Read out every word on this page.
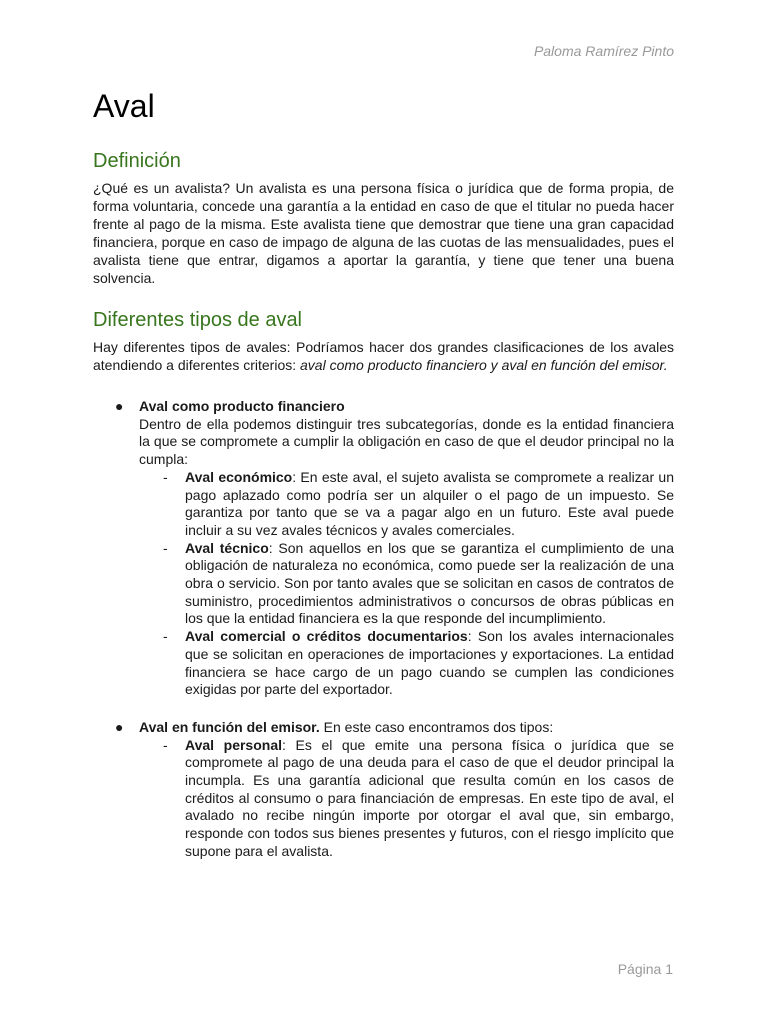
Paloma Ramírez Pinto
Aval
Definición

¿Qué es un avalista? Un avalista es una persona física o jurídica que de forma propia, de forma voluntaria, concede una garantía a la entidad en caso de que el titular no pueda hacer frente al pago de la misma. Este avalista tiene que demostrar que tiene una gran capacidad financiera, porque en caso de impago de alguna de las cuotas de las mensualidades, pues el avalista tiene que entrar, digamos a aportar la garantía, y tiene que tener una buena solvencia.

Diferentes tipos de aval

Hay diferentes tipos de avales: Podríamos hacer dos grandes clasificaciones de los avales atendiendo a diferentes criterios: aval como producto financiero y aval en función del emisor.

● Aval como producto financiero
Dentro de ella podemos distinguir tres subcategorías, donde es la entidad financiera la que se compromete a cumplir la obligación en caso de que el deudor principal no la cumpla:
- Aval económico: En este aval, el sujeto avalista se compromete a realizar un pago aplazado como podría ser un alquiler o el pago de un impuesto. Se garantiza por tanto que se va a pagar algo en un futuro. Este aval puede incluir a su vez avales técnicos y avales comerciales.
- Aval técnico: Son aquellos en los que se garantiza el cumplimiento de una obligación de naturaleza no económica, como puede ser la realización de una obra o servicio. Son por tanto avales que se solicitan en casos de contratos de suministro, procedimientos administrativos o concursos de obras públicas en los que la entidad financiera es la que responde del incumplimiento.
- Aval comercial o créditos documentarios: Son los avales internacionales que se solicitan en operaciones de importaciones y exportaciones. La entidad financiera se hace cargo de un pago cuando se cumplen las condiciones exigidas por parte del exportador.
● Aval en función del emisor. En este caso encontramos dos tipos:
- Aval personal: Es el que emite una persona física o jurídica que se compromete al pago de una deuda para el caso de que el deudor principal la incumpla. Es una garantía adicional que resulta común en los casos de créditos al consumo o para financiación de empresas. En este tipo de aval, el avalado no recibe ningún importe por otorgar el aval que, sin embargo, responde con todos sus bienes presentes y futuros, con el riesgo implícito que supone para el avalista.
Página 1
